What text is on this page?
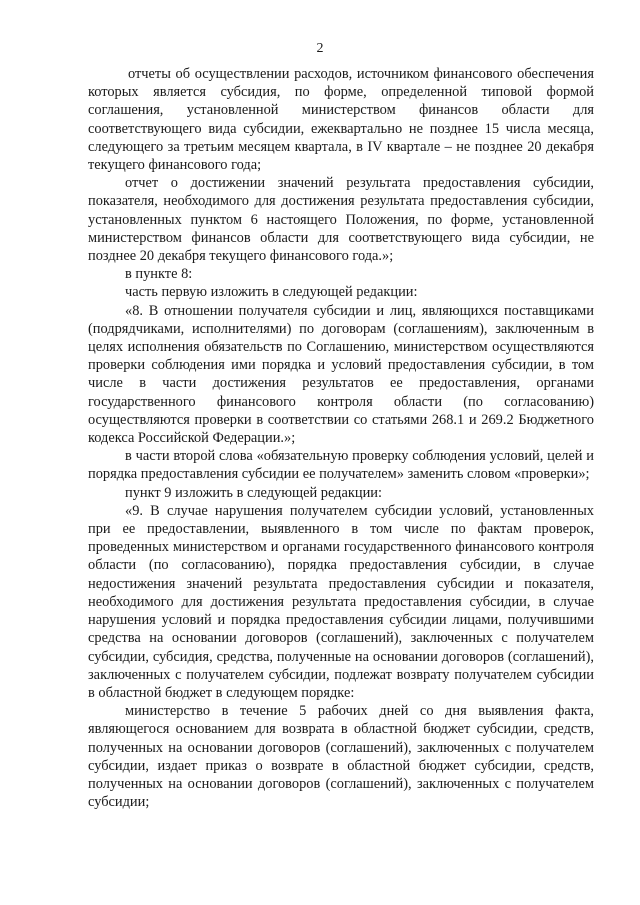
2

отчеты об осуществлении расходов, источником финансового обеспечения которых является субсидия, по форме, определенной типовой формой соглашения, установленной министерством финансов области для соответствующего вида субсидии, ежеквартально не позднее 15 числа месяца, следующего за третьим месяцем квартала, в IV квартале – не позднее 20 декабря текущего финансового года;

отчет о достижении значений результата предоставления субсидии, показателя, необходимого для достижения результата предоставления субсидии, установленных пунктом 6 настоящего Положения, по форме, установленной министерством финансов области для соответствующего вида субсидии, не позднее 20 декабря текущего финансового года.»;

в пункте 8:

часть первую изложить в следующей редакции:

«8. В отношении получателя субсидии и лиц, являющихся поставщиками (подрядчиками, исполнителями) по договорам (соглашениям), заключенным в целях исполнения обязательств по Соглашению, министерством осуществляются проверки соблюдения ими порядка и условий предоставления субсидии, в том числе в части достижения результатов ее предоставления, органами государственного финансового контроля области (по согласованию) осуществляются проверки в соответствии со статьями 268.1 и 269.2 Бюджетного кодекса Российской Федерации.»;

в части второй слова «обязательную проверку соблюдения условий, целей и порядка предоставления субсидии ее получателем» заменить словом «проверки»;

пункт 9 изложить в следующей редакции:

«9. В случае нарушения получателем субсидии условий, установленных при ее предоставлении, выявленного в том числе по фактам проверок, проведенных министерством и органами государственного финансового контроля области (по согласованию), порядка предоставления субсидии, в случае недостижения значений результата предоставления субсидии и показателя, необходимого для достижения результата предоставления субсидии, в случае нарушения условий и порядка предоставления субсидии лицами, получившими средства на основании договоров (соглашений), заключенных с получателем субсидии, субсидия, средства, полученные на основании договоров (соглашений), заключенных с получателем субсидии, подлежат возврату получателем субсидии в областной бюджет в следующем порядке:

министерство в течение 5 рабочих дней со дня выявления факта, являющегося основанием для возврата в областной бюджет субсидии, средств, полученных на основании договоров (соглашений), заключенных с получателем субсидии, издает приказ о возврате в областной бюджет субсидии, средств, полученных на основании договоров (соглашений), заключенных с получателем субсидии;
